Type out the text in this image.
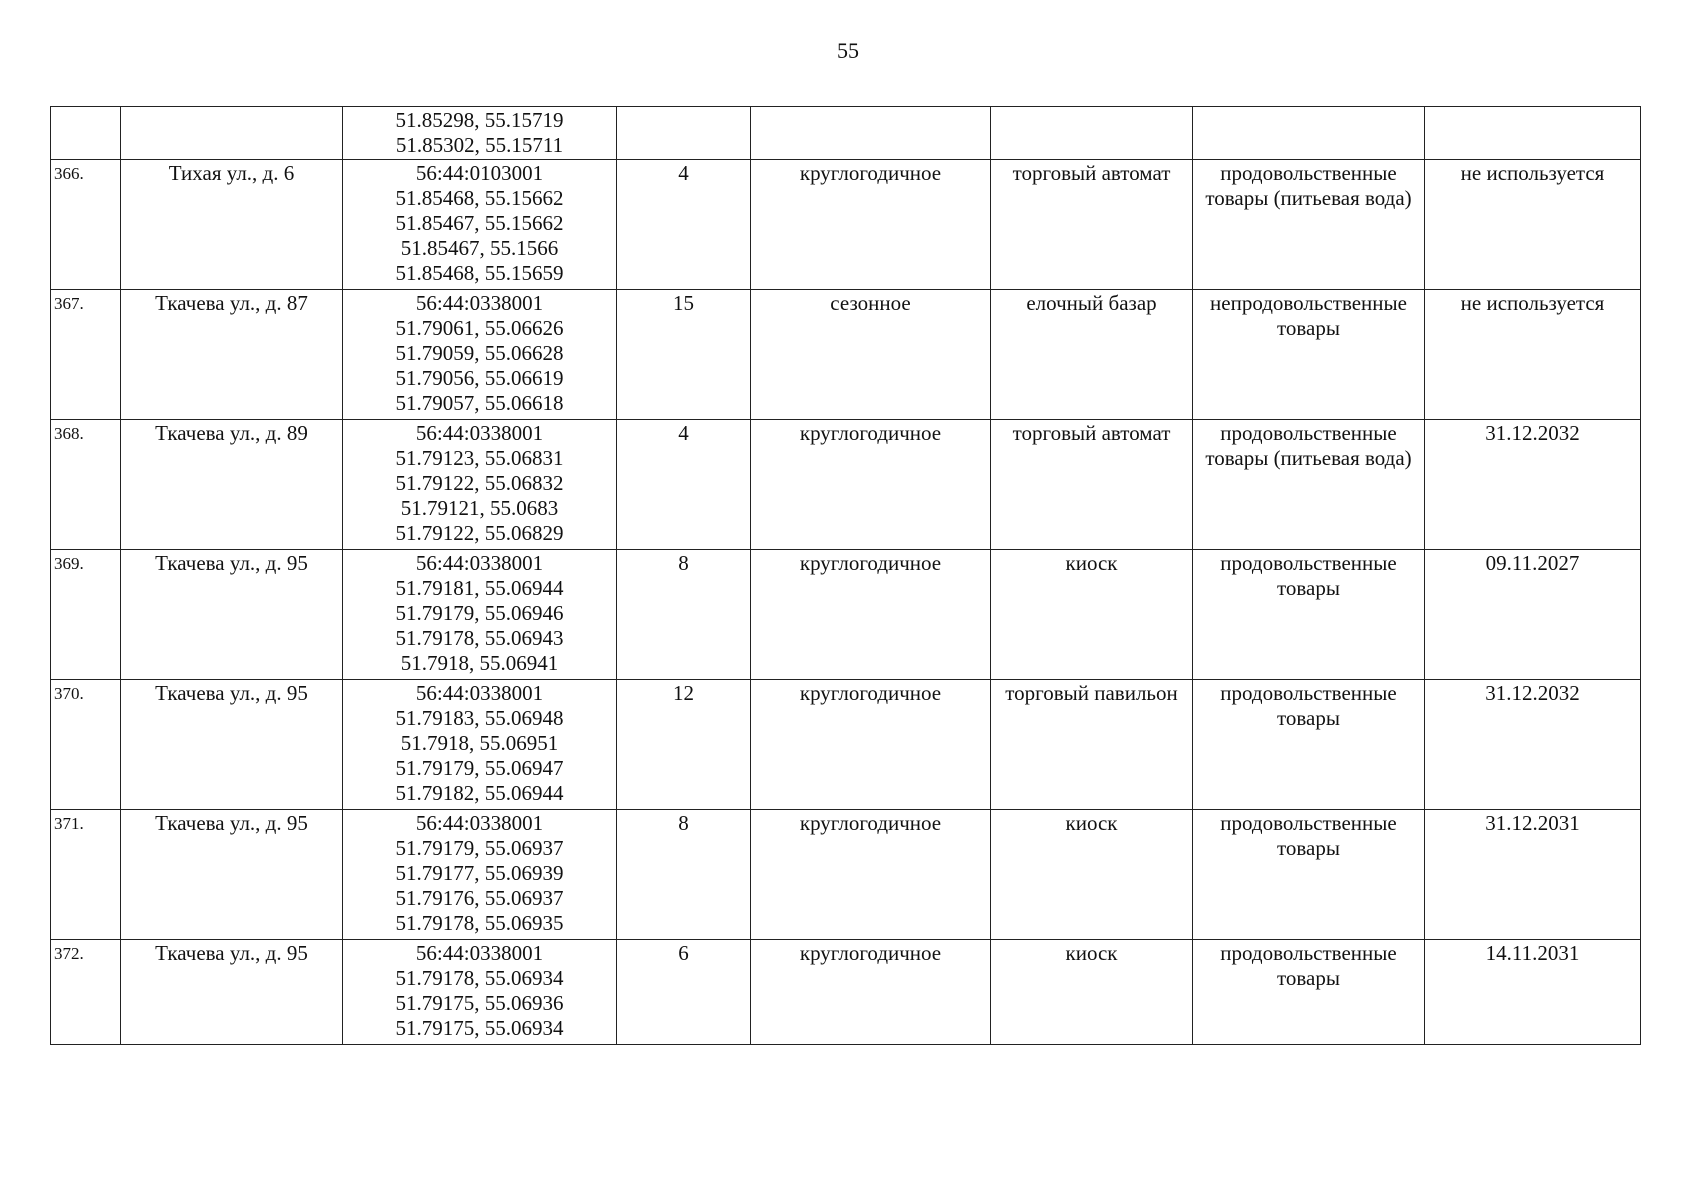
55

		51.85298, 55.15719
51.85302, 55.15711					

366.	Тихая ул., д. 6	56:44:0103001
51.85468, 55.15662
51.85467, 55.15662
51.85467, 55.1566
51.85468, 55.15659	4	круглогодичное	торговый автомат	продовольственные товары (питьевая вода)	не используется
367.	Ткачева ул., д. 87	56:44:0338001
51.79061, 55.06626
51.79059, 55.06628
51.79056, 55.06619
51.79057, 55.06618	15	сезонное	елочный базар	непродовольственные товары	не используется
368.	Ткачева ул., д. 89	56:44:0338001
51.79123, 55.06831
51.79122, 55.06832
51.79121, 55.0683
51.79122, 55.06829	4	круглогодичное	торговый автомат	продовольственные товары (питьевая вода)	31.12.2032
369.	Ткачева ул., д. 95	56:44:0338001
51.79181, 55.06944
51.79179, 55.06946
51.79178, 55.06943
51.7918, 55.06941	8	круглогодичное	киоск	продовольственные товары	09.11.2027
370.	Ткачева ул., д. 95	56:44:0338001
51.79183, 55.06948
51.7918, 55.06951
51.79179, 55.06947
51.79182, 55.06944	12	круглогодичное	торговый павильон	продовольственные товары	31.12.2032
371.	Ткачева ул., д. 95	56:44:0338001
51.79179, 55.06937
51.79177, 55.06939
51.79176, 55.06937
51.79178, 55.06935	8	круглогодичное	киоск	продовольственные товары	31.12.2031
372.	Ткачева ул., д. 95	56:44:0338001
51.79178, 55.06934
51.79175, 55.06936
51.79175, 55.06934	6	круглогодичное	киоск	продовольственные товары	14.11.2031
